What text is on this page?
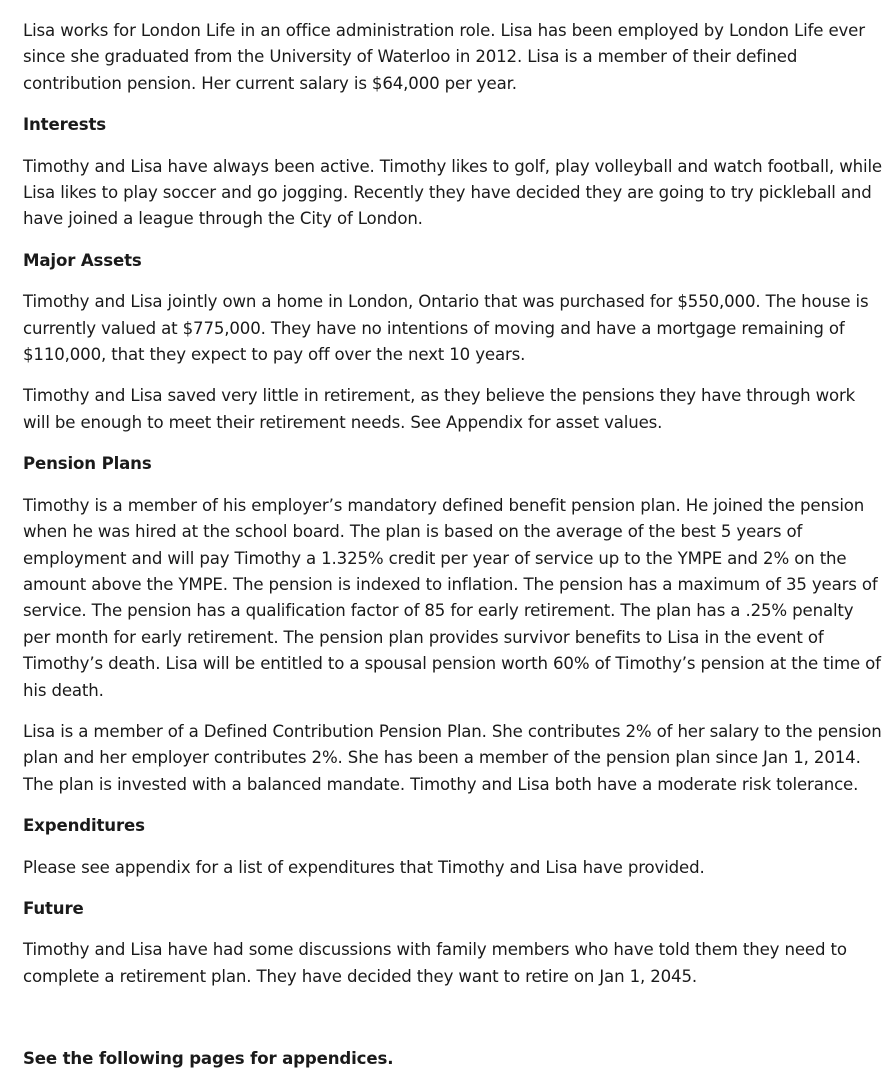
Lisa works for London Life in an office administration role. Lisa has been employed by London Life ever since she graduated from the University of Waterloo in 2012. Lisa is a member of their defined contribution pension. Her current salary is $64,000 per year.

Interests

Timothy and Lisa have always been active. Timothy likes to golf, play volleyball and watch football, while Lisa likes to play soccer and go jogging. Recently they have decided they are going to try pickleball and have joined a league through the City of London.

Major Assets

Timothy and Lisa jointly own a home in London, Ontario that was purchased for $550,000. The house is currently valued at $775,000. They have no intentions of moving and have a mortgage remaining of $110,000, that they expect to pay off over the next 10 years.

Timothy and Lisa saved very little in retirement, as they believe the pensions they have through work will be enough to meet their retirement needs. See Appendix for asset values.

Pension Plans

Timothy is a member of his employer’s mandatory defined benefit pension plan. He joined the pension when he was hired at the school board. The plan is based on the average of the best 5 years of employment and will pay Timothy a 1.325% credit per year of service up to the YMPE and 2% on the amount above the YMPE. The pension is indexed to inflation. The pension has a maximum of 35 years of service. The pension has a qualification factor of 85 for early retirement. The plan has a .25% penalty per month for early retirement. The pension plan provides survivor benefits to Lisa in the event of Timothy’s death. Lisa will be entitled to a spousal pension worth 60% of Timothy’s pension at the time of his death.

Lisa is a member of a Defined Contribution Pension Plan. She contributes 2% of her salary to the pension plan and her employer contributes 2%. She has been a member of the pension plan since Jan 1, 2014. The plan is invested with a balanced mandate. Timothy and Lisa both have a moderate risk tolerance.

Expenditures

Please see appendix for a list of expenditures that Timothy and Lisa have provided.

Future

Timothy and Lisa have had some discussions with family members who have told them they need to complete a retirement plan. They have decided they want to retire on Jan 1, 2045.

See the following pages for appendices.
